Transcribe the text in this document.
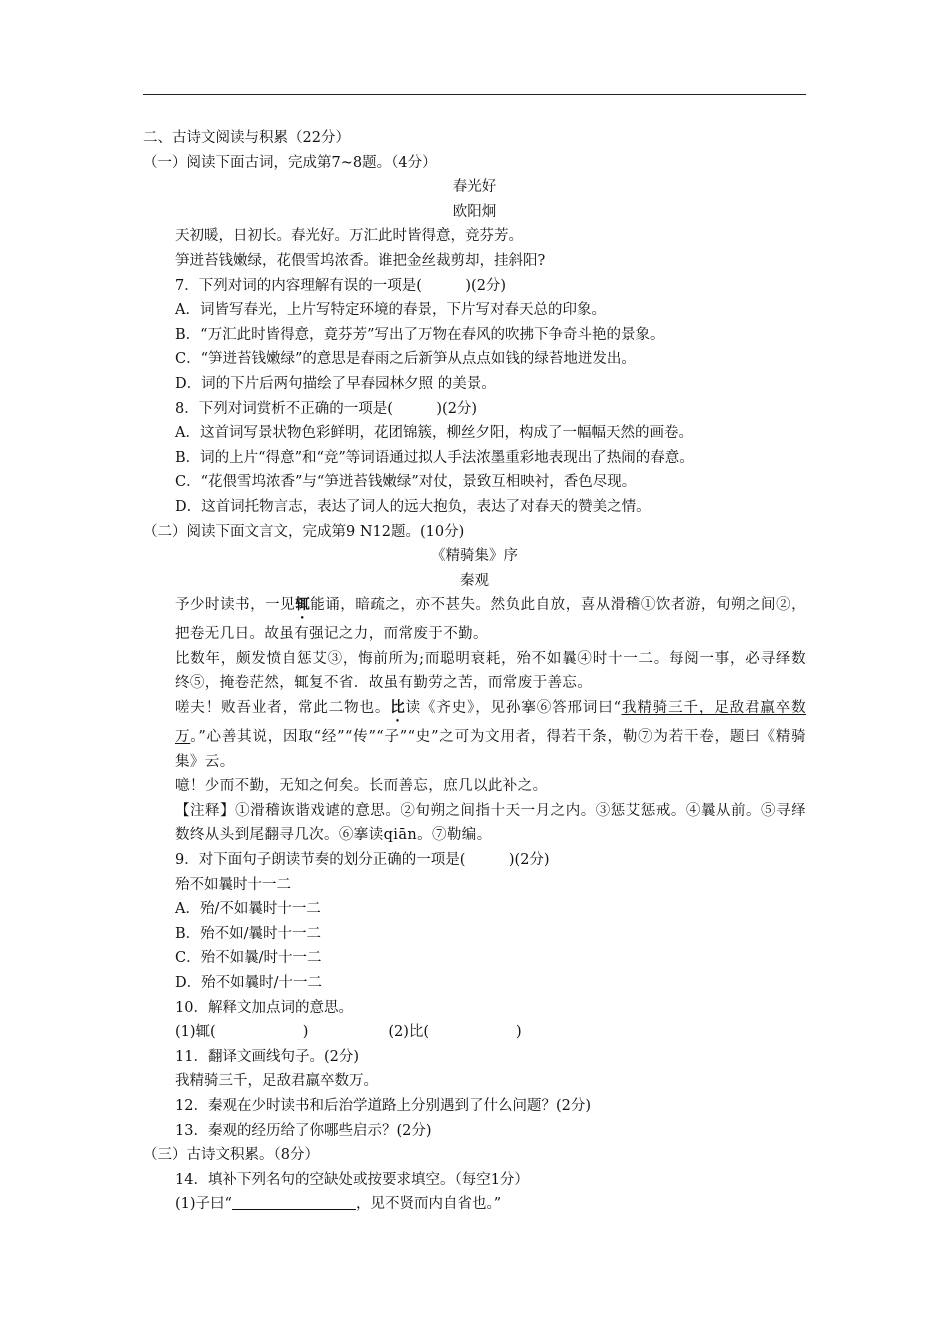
二、古诗文阅读与积累（22分）
（一）阅读下面古词，完成第7~8题。（4分）
春光好
欧阳炯
天初暖，日初长。春光好。万汇此时皆得意，竞芬芳。
笋迸苔钱嫩绿，花偎雪坞浓香。谁把金丝裁剪却，挂斜阳?
7．下列对词的内容理解有误的一项是(　　　)(2分)
A．词皆写春光，上片写特定环境的春景，下片写对春天总的印象。
B．“万汇此时皆得意，竟芬芳”写出了万物在春风的吹拂下争奇斗艳的景象。
C．“笋迸苔钱嫩绿”的意思是春雨之后新笋从点点如钱的绿苔地迸发出。
D．词的下片后两句描绘了早春园林夕照 的美景。
8．下列对词赏析不正确的一项是(　　　)(2分)
A．这首词写景状物色彩鲜明，花团锦簇，柳丝夕阳，构成了一幅幅天然的画卷。
B．词的上片“得意”和“竞”等词语通过拟人手法浓墨重彩地表现出了热闹的春意。
C．“花偎雪坞浓香”与“笋迸苔钱嫩绿”对仗，景致互相映衬，香色尽现。
D．这首词托物言志，表达了词人的远大抱负，表达了对春天的赞美之情。
（二）阅读下面文言文，完成第9 N12题。(10分)
《精骑集》序
秦观
予少时读书，一见辄能诵，暗疏之，亦不甚失。然负此自放，喜从滑稽①饮者游，旬朔之间②，把卷无几日。故虽有强记之力，而常废于不勤。
比数年，颇发愤自惩艾③，悔前所为;而聪明衰耗，殆不如曩④时十一二。每阅一事，必寻绎数终⑤，掩卷茫然，辄复不省．故虽有勤劳之苦，而常废于善忘。
嗟夫！败吾业者，常此二物也。比读《齐史》，见孙搴⑥答邢词曰“我精骑三千，足敌君羸卒数万。”心善其说，因取“经”“传”“子”“史”之可为文用者，得若干条，勒⑦为若干卷，题曰《精骑集》云。
噫！少而不勤，无知之何矣。长而善忘，庶几以此补之。
【注释】①滑稽诙谐戏谑的意思。②旬朔之间指十天一月之内。③惩艾惩戒。④曩从前。⑤寻绎数终从头到尾翻寻几次。⑥搴读qiān。⑦勒编。
9．对下面句子朗读节奏的划分正确的一项是(　　　)(2分)
殆不如曩时十一二
A．殆/不如曩时十一二
B．殆不如/曩时十一二
C．殆不如曩/时十一二
D．殆不如曩时/十一二
10．解释文加点词的意思。
(1)辄(　　　　　　)	(2)比(　　　　　　)
11．翻译文画线句子。(2分)
我精骑三千，足敌君羸卒数万。
12．秦观在少时读书和后治学道路上分别遇到了什么问题？(2分)
13．秦观的经历给了你哪些启示？(2分)
（三）古诗文积累。（8分）
14．填补下列名句的空缺处或按要求填空。（每空1分）
(1)子曰“	，见不贤而内自省也。”
